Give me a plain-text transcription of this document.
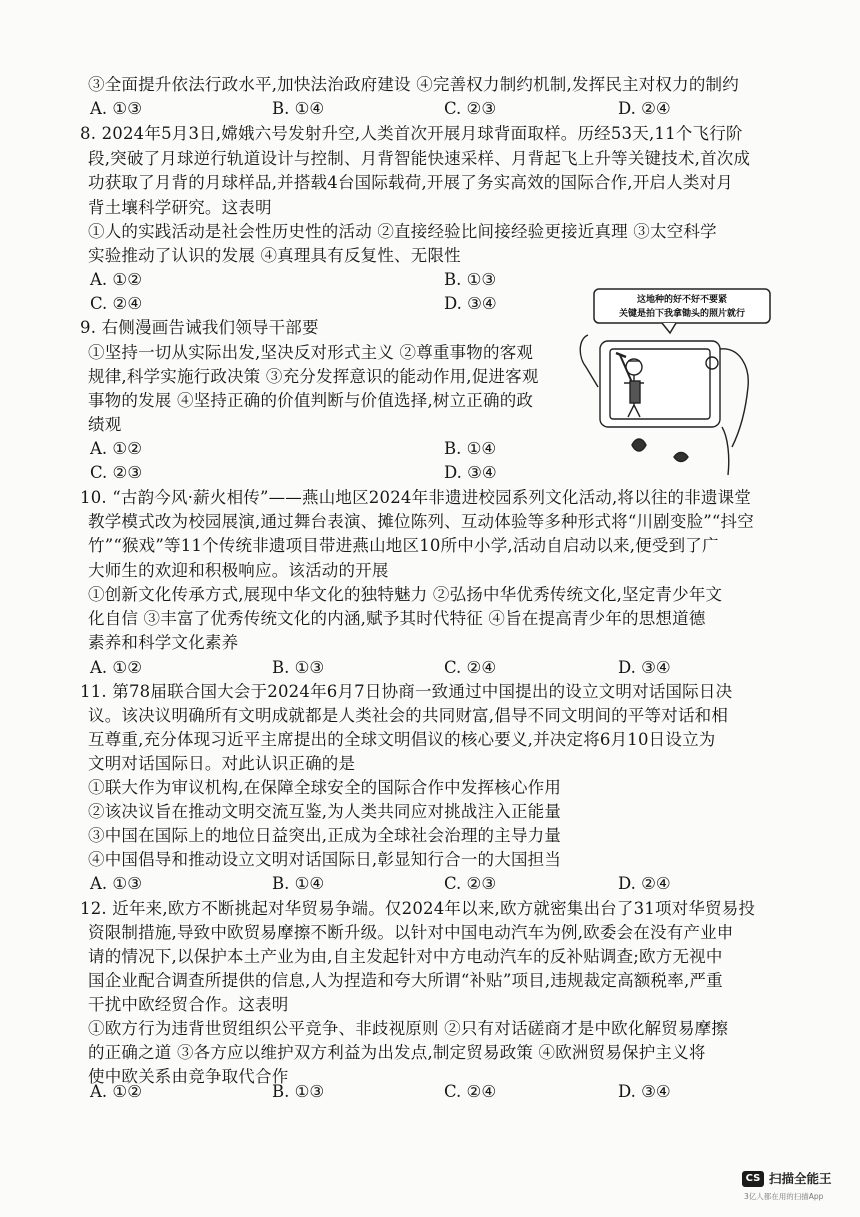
③全面提升依法行政水平,加快法治政府建设 ④完善权力制约机制,发挥民主对权力的制约
A. ①③	B. ①④	C. ②③	D. ②④
8. 2024年5月3日,嫦娥六号发射升空,人类首次开展月球背面取样。历经53天,11个飞行阶
段,突破了月球逆行轨道设计与控制、月背智能快速采样、月背起飞上升等关键技术,首次成
功获取了月背的月球样品,并搭载4台国际载荷,开展了务实高效的国际合作,开启人类对月
背土壤科学研究。这表明
①人的实践活动是社会性历史性的活动 ②直接经验比间接经验更接近真理 ③太空科学
实验推动了认识的发展 ④真理具有反复性、无限性
A. ①②	B. ①③
C. ②④	D. ③④
9. 右侧漫画告诫我们领导干部要
①坚持一切从实际出发,坚决反对形式主义 ②尊重事物的客观
规律,科学实施行政决策 ③充分发挥意识的能动作用,促进客观
事物的发展 ④坚持正确的价值判断与价值选择,树立正确的政
绩观
A. ①②	B. ①④
C. ②③	D. ③④
这地种的好不好不要紧
关键是拍下我拿锄头的照片就行
10. “古韵今风·薪火相传”——燕山地区2024年非遗进校园系列文化活动,将以往的非遗课堂
教学模式改为校园展演,通过舞台表演、摊位陈列、互动体验等多种形式将“川剧变脸”“抖空
竹”“猴戏”等11个传统非遗项目带进燕山地区10所中小学,活动自启动以来,便受到了广
大师生的欢迎和积极响应。该活动的开展
①创新文化传承方式,展现中华文化的独特魅力 ②弘扬中华优秀传统文化,坚定青少年文
化自信 ③丰富了优秀传统文化的内涵,赋予其时代特征 ④旨在提高青少年的思想道德
素养和科学文化素养
A. ①②	B. ①③	C. ②④	D. ③④
11. 第78届联合国大会于2024年6月7日协商一致通过中国提出的设立文明对话国际日决
议。该决议明确所有文明成就都是人类社会的共同财富,倡导不同文明间的平等对话和相
互尊重,充分体现习近平主席提出的全球文明倡议的核心要义,并决定将6月10日设立为
文明对话国际日。对此认识正确的是
①联大作为审议机构,在保障全球安全的国际合作中发挥核心作用
②该决议旨在推动文明交流互鉴,为人类共同应对挑战注入正能量
③中国在国际上的地位日益突出,正成为全球社会治理的主导力量
④中国倡导和推动设立文明对话国际日,彰显知行合一的大国担当
A. ①③	B. ①④	C. ②③	D. ②④
12. 近年来,欧方不断挑起对华贸易争端。仅2024年以来,欧方就密集出台了31项对华贸易投
资限制措施,导致中欧贸易摩擦不断升级。以针对中国电动汽车为例,欧委会在没有产业申
请的情况下,以保护本土产业为由,自主发起针对中方电动汽车的反补贴调查;欧方无视中
国企业配合调查所提供的信息,人为捏造和夸大所谓“补贴”项目,违规裁定高额税率,严重
干扰中欧经贸合作。这表明
①欧方行为违背世贸组织公平竞争、非歧视原则 ②只有对话磋商才是中欧化解贸易摩擦
的正确之道 ③各方应以维护双方利益为出发点,制定贸易政策 ④欧洲贸易保护主义将
使中欧关系由竞争取代合作
A. ①②	B. ①③	C. ②④	D. ③④
CS 扫描全能王
3亿人都在用的扫描App
